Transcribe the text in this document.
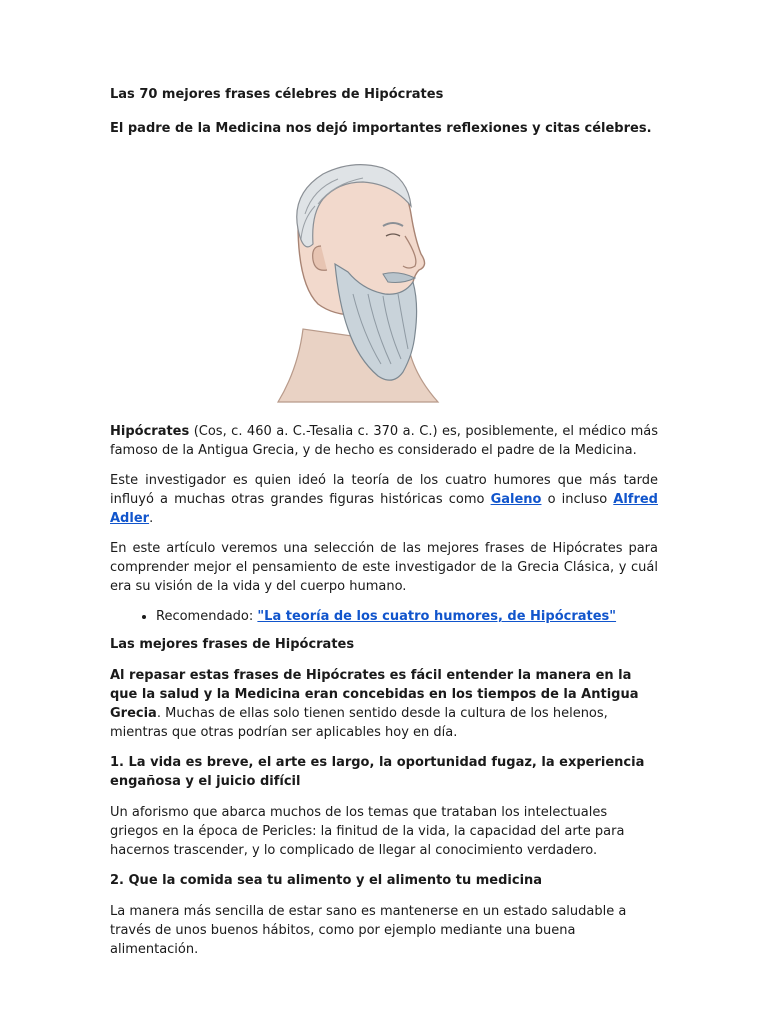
Las 70 mejores frases célebres de Hipócrates
El padre de la Medicina nos dejó importantes reflexiones y citas célebres.

Hipócrates (Cos, c. 460 a. C.-Tesalia c. 370 a. C.) es, posiblemente, el médico más famoso de la Antigua Grecia, y de hecho es considerado el padre de la Medicina.

Este investigador es quien ideó la teoría de los cuatro humores que más tarde influyó a muchas otras grandes figuras históricas como Galeno o incluso Alfred Adler.

En este artículo veremos una selección de las mejores frases de Hipócrates para comprender mejor el pensamiento de este investigador de la Grecia Clásica, y cuál era su visión de la vida y del cuerpo humano.

• Recomendado: "La teoría de los cuatro humores, de Hipócrates"
Las mejores frases de Hipócrates

Al repasar estas frases de Hipócrates es fácil entender la manera en la que la salud y la Medicina eran concebidas en los tiempos de la Antigua Grecia. Muchas de ellas solo tienen sentido desde la cultura de los helenos, mientras que otras podrían ser aplicables hoy en día.

1. La vida es breve, el arte es largo, la oportunidad fugaz, la experiencia engañosa y el juicio difícil

Un aforismo que abarca muchos de los temas que trataban los intelectuales griegos en la época de Pericles: la finitud de la vida, la capacidad del arte para hacernos trascender, y lo complicado de llegar al conocimiento verdadero.

2. Que la comida sea tu alimento y el alimento tu medicina

La manera más sencilla de estar sano es mantenerse en un estado saludable a través de unos buenos hábitos, como por ejemplo mediante una buena alimentación.
